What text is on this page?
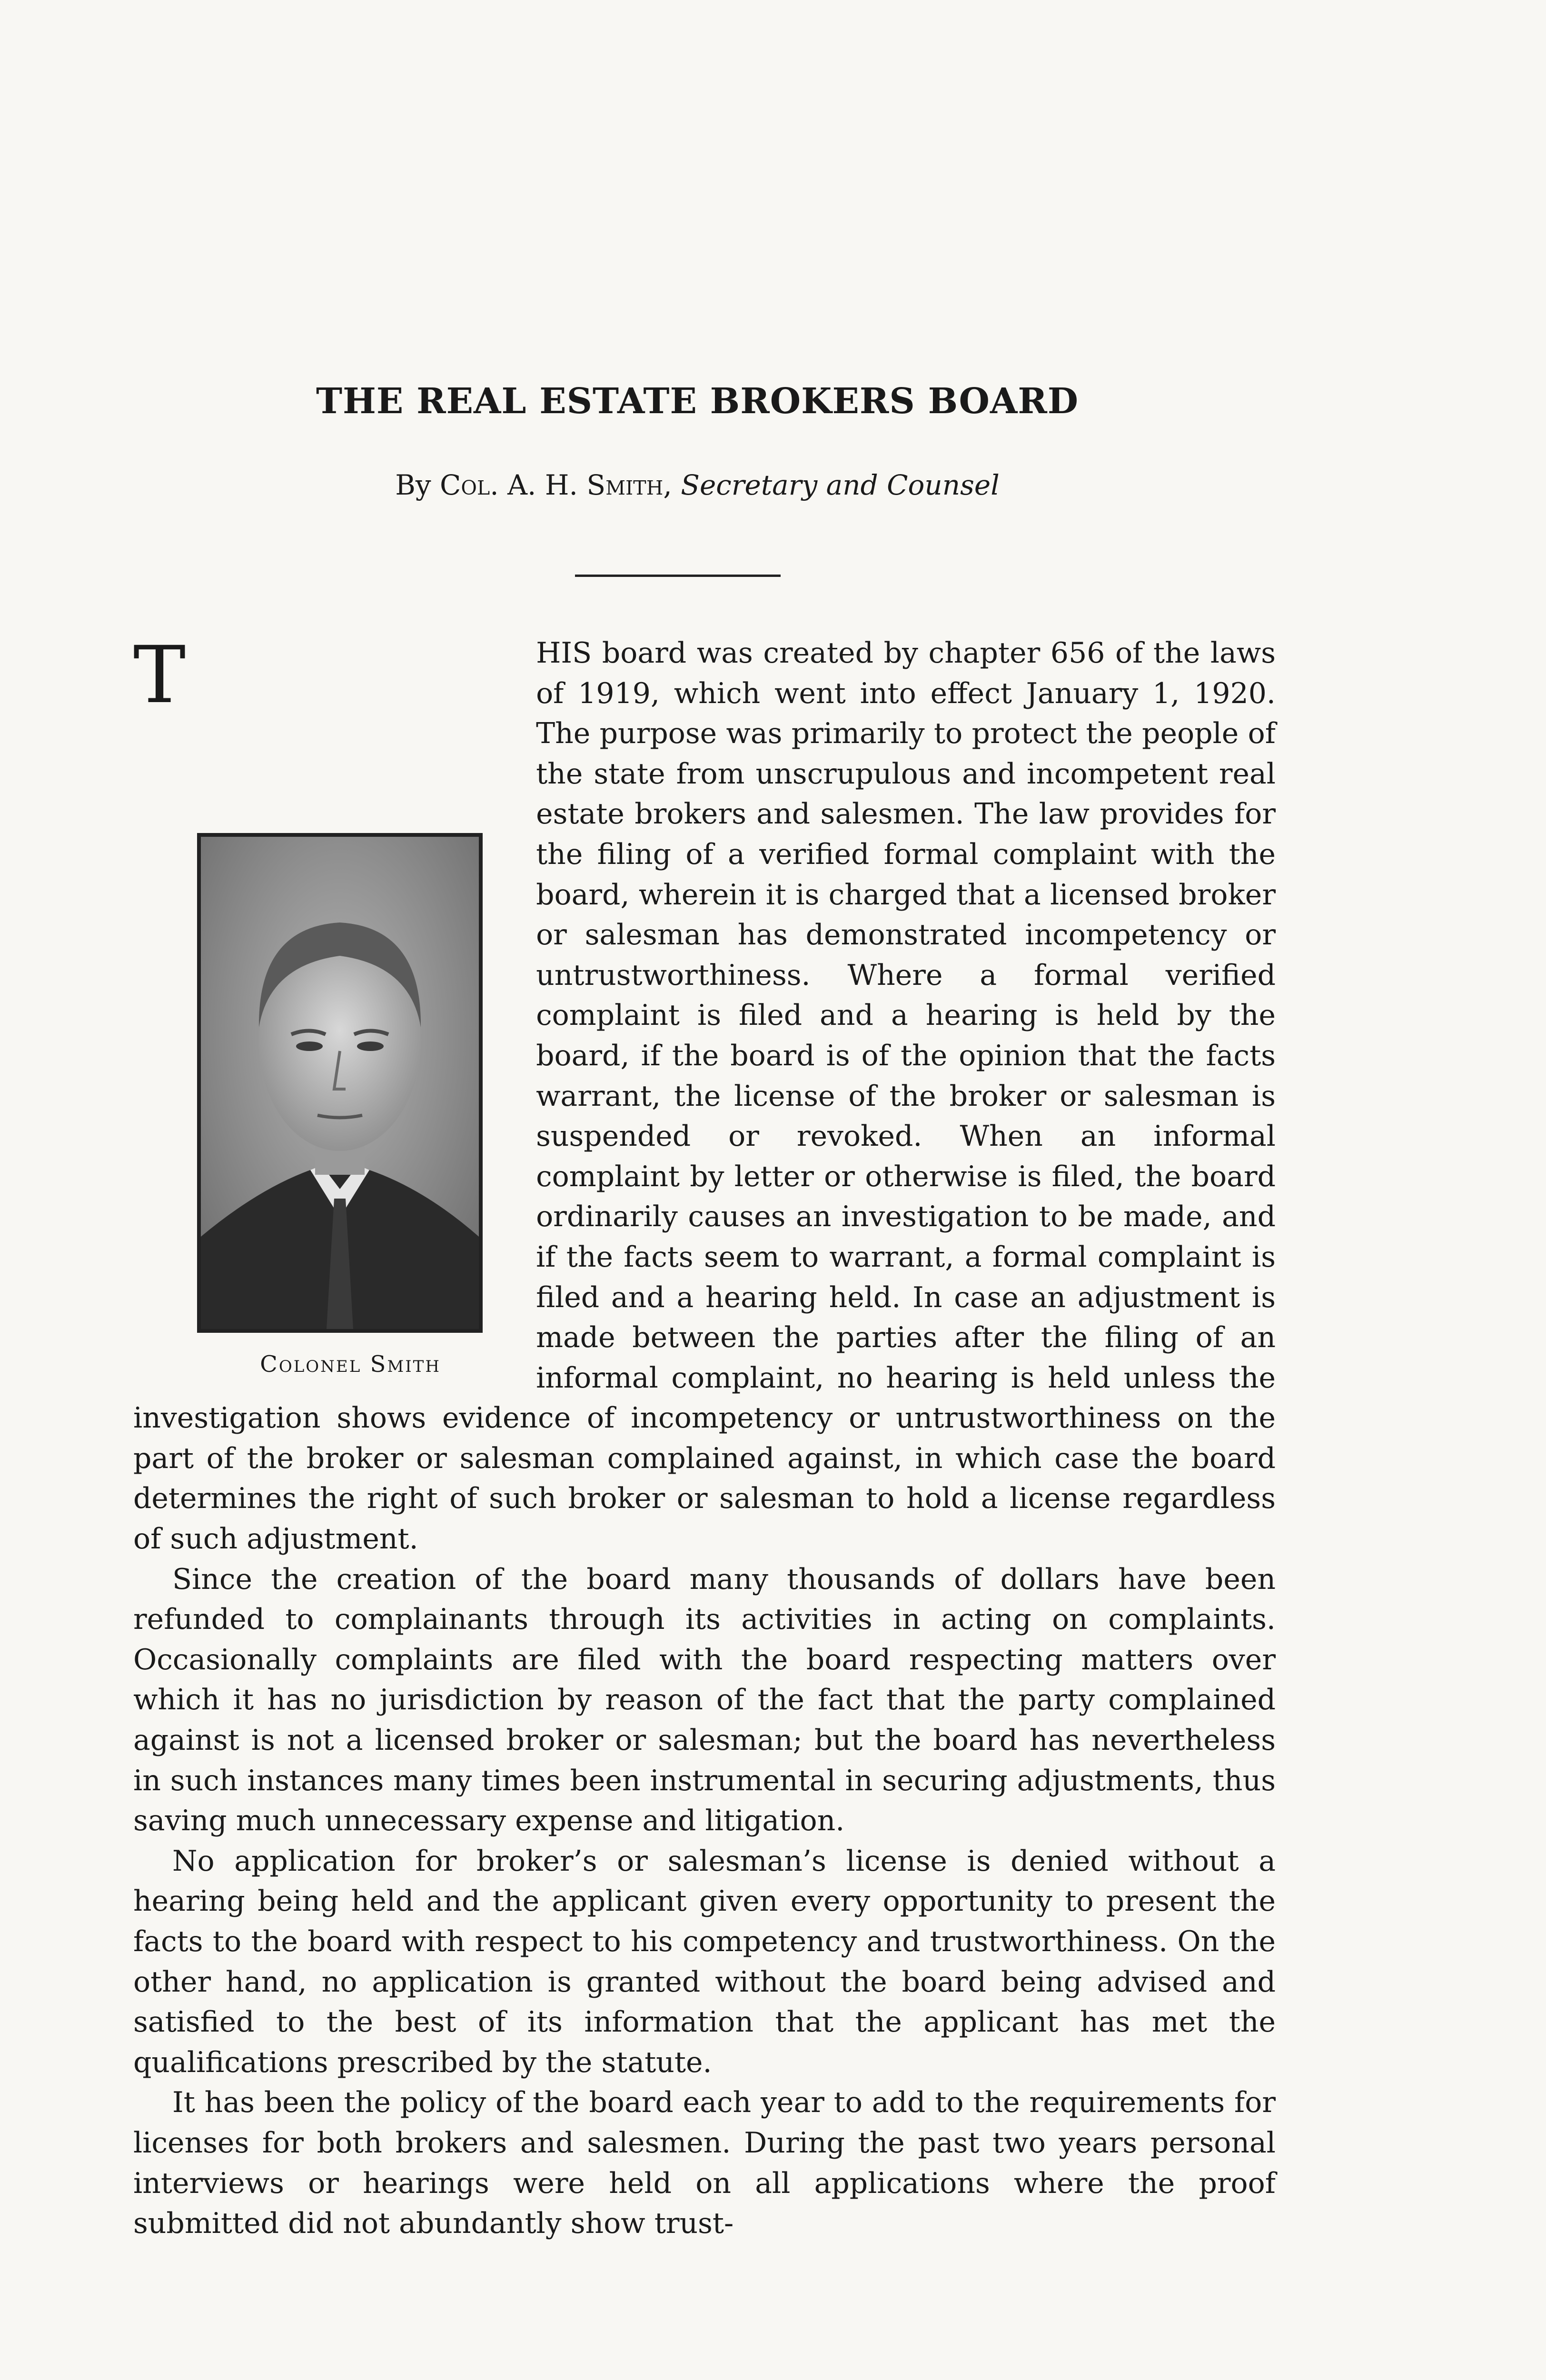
THE REAL ESTATE BROKERS BOARD
By Col. A. H. Smith, Secretary and Counsel

T
Colonel Smith
HIS board was created by chapter 656 of the laws of 1919, which went into effect January 1, 1920. The purpose was primarily to protect the people of the state from unscrupulous and incompetent real estate brokers and salesmen. The law provides for the filing of a verified formal complaint with the board, wherein it is charged that a licensed broker or salesman has demonstrated incompetency or untrustworthiness. Where a formal verified complaint is filed and a hearing is held by the board, if the board is of the opinion that the facts warrant, the license of the broker or salesman is suspended or revoked. When an informal complaint by letter or otherwise is filed, the board ordinarily causes an investigation to be made, and if the facts seem to warrant, a formal complaint is filed and a hearing held. In case an adjustment is made between the parties after the filing of an informal complaint, no hearing is held unless the investigation shows evidence of incompetency or untrustworthiness on the part of the broker or salesman complained against, in which case the board determines the right of such broker or salesman to hold a license regardless of such adjustment.

Since the creation of the board many thousands of dollars have been refunded to complainants through its activities in acting on complaints. Occasionally complaints are filed with the board respecting matters over which it has no jurisdiction by reason of the fact that the party complained against is not a licensed broker or salesman; but the board has nevertheless in such instances many times been instrumental in securing adjustments, thus saving much unnecessary expense and litigation.

No application for broker’s or salesman’s license is denied without a hearing being held and the applicant given every opportunity to present the facts to the board with respect to his competency and trustworthiness. On the other hand, no application is granted without the board being advised and satisfied to the best of its information that the applicant has met the qualifications prescribed by the statute.

It has been the policy of the board each year to add to the requirements for licenses for both brokers and salesmen. During the past two years personal interviews or hearings were held on all applications where the proof submitted did not abundantly show trust-
